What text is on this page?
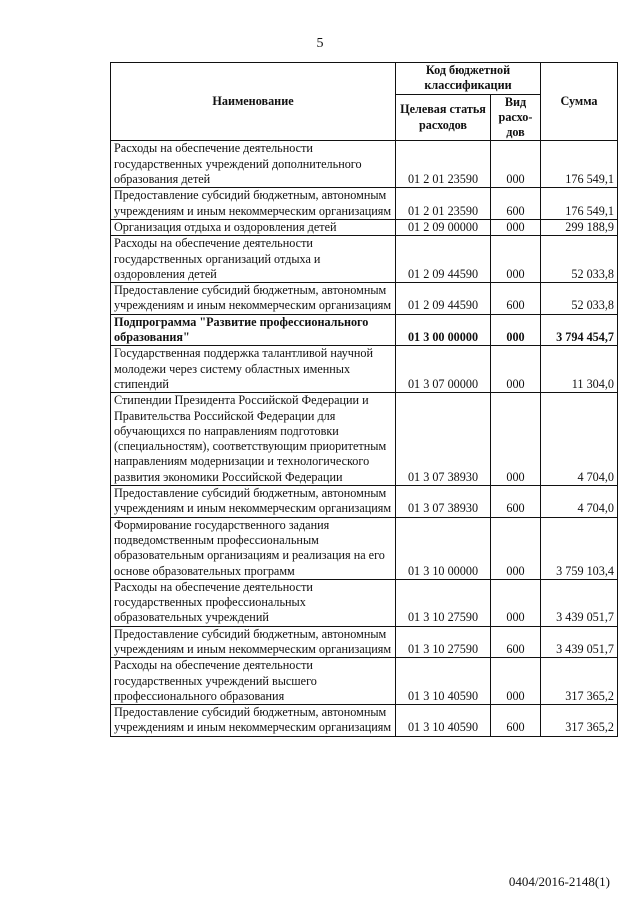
5
Наименование	Код бюджетной классификации		Сумма
	Целевая статья расходов	Вид расхо-дов	
Расходы на обеспечение деятельности государственных учреждений дополнительного образования детей	01 2 01 23590	000	176 549,1
Предоставление субсидий бюджетным, автономным учреждениям и иным некоммерческим организациям	01 2 01 23590	600	176 549,1
Организация отдыха и оздоровления детей	01 2 09 00000	000	299 188,9
Расходы на обеспечение деятельности государственных организаций отдыха и оздоровления детей	01 2 09 44590	000	52 033,8
Предоставление субсидий бюджетным, автономным учреждениям и иным некоммерческим организациям	01 2 09 44590	600	52 033,8
Подпрограмма "Развитие профессионального образования"	01 3 00 00000	000	3 794 454,7
Государственная поддержка талантливой научной молодежи через систему областных именных стипендий	01 3 07 00000	000	11 304,0
Стипендии Президента Российской Федерации и Правительства Российской Федерации для обучающихся по направлениям подготовки (специальностям), соответствующим приоритетным направлениям модернизации и технологического развития экономики Российской Федерации	01 3 07 38930	000	4 704,0
Предоставление субсидий бюджетным, автономным учреждениям и иным некоммерческим организациям	01 3 07 38930	600	4 704,0
Формирование государственного задания подведомственным профессиональным образовательным организациям и реализация на его основе образовательных программ	01 3 10 00000	000	3 759 103,4
Расходы на обеспечение деятельности государственных профессиональных образовательных учреждений	01 3 10 27590	000	3 439 051,7
Предоставление субсидий бюджетным, автономным учреждениям и иным некоммерческим организациям	01 3 10 27590	600	3 439 051,7
Расходы на обеспечение деятельности государственных учреждений высшего профессионального образования	01 3 10 40590	000	317 365,2
Предоставление субсидий бюджетным, автономным учреждениям и иным некоммерческим организациям	01 3 10 40590	600	317 365,2
0404/2016-2148(1)
